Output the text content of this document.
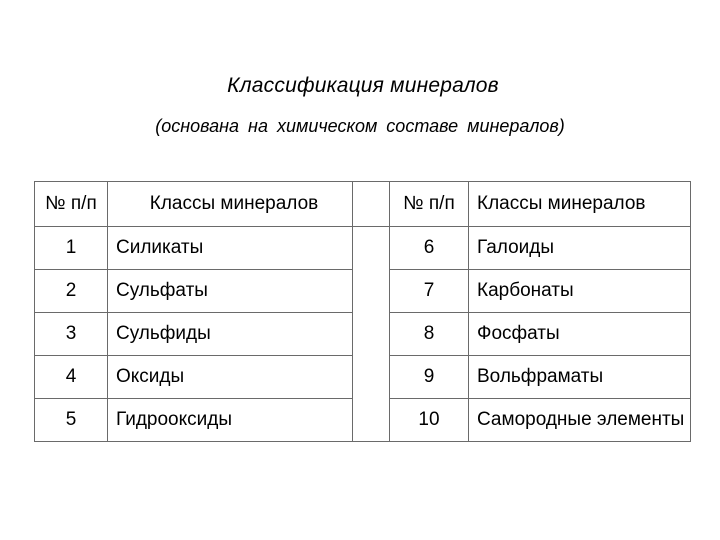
Классификация минералов
(основана на химическом составе минералов)
№ п/п	Классы минералов		№ п/п	Классы минералов
1	Силикаты		6	Галоиды
2	Сульфаты		7	Карбонаты
3	Сульфиды		8	Фосфаты
4	Оксиды		9	Вольфраматы
5	Гидрооксиды		10	Самородные элементы
